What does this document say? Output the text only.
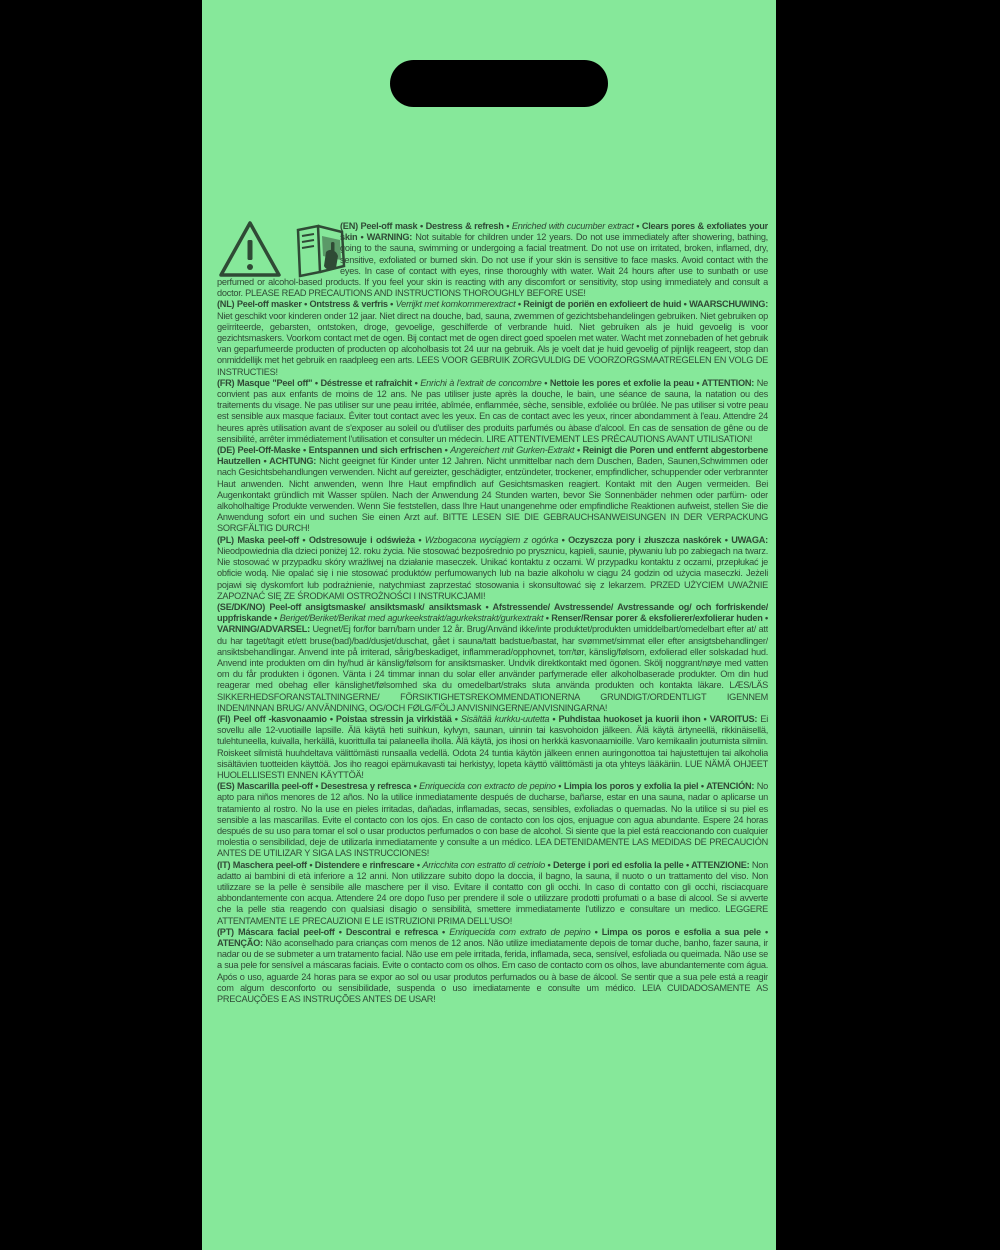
(EN) Peel-off mask • Destress & refresh • Enriched with cucumber extract • Clears pores & exfoliates your skin • WARNING: Not suitable for children under 12 years. Do not use immediately after showering, bathing, going to the sauna, swimming or undergoing a facial treatment. Do not use on irritated, broken, inflamed, dry, sensitive, exfoliated or burned skin. Do not use if your skin is sensitive to face masks. Avoid contact with the eyes. In case of contact with eyes, rinse thoroughly with water. Wait 24 hours after use to sunbath or use perfumed or alcohol-based products. If you feel your skin is reacting with any discomfort or sensitivity, stop using immediately and consult a doctor. PLEASE READ PRECAUTIONS AND INSTRUCTIONS THOROUGHLY BEFORE USE!

(NL) Peel-off masker • Ontstress & verfris • Verrijkt met komkommerextract • Reinigt de poriën en exfolieert de huid • WAARSCHUWING: Niet geschikt voor kinderen onder 12 jaar. Niet direct na douche, bad, sauna, zwemmen of gezichtsbehandelingen gebruiken. Niet gebruiken op geïrriteerde, gebarsten, ontstoken, droge, gevoelige, geschilferde of verbrande huid. Niet gebruiken als je huid gevoelig is voor gezichtsmaskers. Voorkom contact met de ogen. Bij contact met de ogen direct goed spoelen met water. Wacht met zonnebaden of het gebruik van geparfumeerde producten of producten op alcoholbasis tot 24 uur na gebruik. Als je voelt dat je huid gevoelig of pijnlijk reageert, stop dan onmiddellijk met het gebruik en raadpleeg een arts. LEES VOOR GEBRUIK ZORGVULDIG DE VOORZORGSMAATREGELEN EN VOLG DE INSTRUCTIES!

(FR) Masque "Peel off" • Déstresse et rafraîchit • Enrichi à l'extrait de concombre • Nettoie les pores et exfolie la peau • ATTENTION: Ne convient pas aux enfants de moins de 12 ans. Ne pas utiliser juste après la douche, le bain, une séance de sauna, la natation ou des traitements du visage. Ne pas utiliser sur une peau irritée, abîmée, enflammée, sèche, sensible, exfoliée ou brûlée. Ne pas utiliser si votre peau est sensible aux masque faciaux. Éviter tout contact avec les yeux. En cas de contact avec les yeux, rincer abondamment à l'eau. Attendre 24 heures après utilisation avant de s'exposer au soleil ou d'utiliser des produits parfumés ou àbase d'alcool. En cas de sensation de gêne ou de sensibilité, arrêter immédiatement l'utilisation et consulter un médecin. LIRE ATTENTIVEMENT LES PRÉCAUTIONS AVANT UTILISATION!

(DE) Peel-Off-Maske • Entspannen und sich erfrischen • Angereichert mit Gurken-Extrakt • Reinigt die Poren und entfernt abgestorbene Hautzellen • ACHTUNG: Nicht geeignet für Kinder unter 12 Jahren. Nicht unmittelbar nach dem Duschen, Baden, Saunen,Schwimmen oder nach Gesichtsbehandlungen verwenden. Nicht auf gereizter, geschädigter, entzündeter, trockener, empfindlicher, schuppender oder verbrannter Haut anwenden. Nicht anwenden, wenn Ihre Haut empfindlich auf Gesichtsmasken reagiert. Kontakt mit den Augen vermeiden. Bei Augenkontakt gründlich mit Wasser spülen. Nach der Anwendung 24 Stunden warten, bevor Sie Sonnenbäder nehmen oder parfüm- oder alkoholhaltige Produkte verwenden. Wenn Sie feststellen, dass Ihre Haut unangenehme oder empfindliche Reaktionen aufweist, stellen Sie die Anwendung sofort ein und suchen Sie einen Arzt auf. BITTE LESEN SIE DIE GEBRAUCHSANWEISUNGEN IN DER VERPACKUNG SORGFÄLTIG DURCH!

(PL) Maska peel-off • Odstresowuje i odświeża • Wzbogacona wyciągiem z ogórka • Oczyszcza pory i złuszcza naskórek • UWAGA: Nieodpowiednia dla dzieci poniżej 12. roku życia. Nie stosować bezpośrednio po prysznicu, kąpieli, saunie, pływaniu lub po zabiegach na twarz. Nie stosować w przypadku skóry wrażliwej na działanie maseczek. Unikać kontaktu z oczami. W przypadku kontaktu z oczami, przepłukać je obficie wodą. Nie opalać się i nie stosować produktów perfumowanych lub na bazie alkoholu w ciągu 24 godzin od użycia maseczki. Jeżeli pojawi się dyskomfort lub podrażnienie, natychmiast zaprzestać stosowania i skonsultować się z lekarzem. PRZED UŻYCIEM UWAŻNIE ZAPOZNAĆ SIĘ ZE ŚRODKAMI OSTROŻNOŚCI I INSTRUKCJAMI!

(SE/DK/NO) Peel-off ansigtsmaske/ ansiktsmask/ ansiktsmask • Afstressende/ Avstressende/ Avstressande og/ och forfriskende/ uppfriskande • Beriget/Beriket/Berikat med agurkeekstrakt/agurkekstrakt/gurkextrakt • Renser/Rensar porer & eksfolierer/exfolierar huden • VARNING/ADVARSEL: Uegnet/Ej for/for barn/barn under 12 år. Brug/Använd ikke/inte produktet/produkten umiddelbart/omedelbart efter at/ att du har taget/tagit et/ett bruse(bad)/bad/dusjet/duschat, gået i sauna/tatt badstue/bastat, har svømmet/simmat eller efter ansigtsbehandlinger/ ansiktsbehandlingar. Anvend inte på irriterad, sårig/beskadiget, inflammerad/opphovnet, torr/tør, känslig/følsom, exfolierad eller solskadad hud. Anvend inte produkten om din hy/hud är känslig/følsom for ansiktsmasker. Undvik direktkontakt med ögonen. Skölj noggrant/nøye med vatten om du får produkten i ögonen. Vänta i 24 timmar innan du solar eller använder parfymerade eller alkoholbaserade produkter. Om din hud reagerar med obehag eller känslighet/følsomhed ska du omedelbart/straks sluta använda produkten och kontakta läkare. LÆS/LÄS SIKKERHEDSFORANSTALTNINGERNE/ FÖRSIKTIGHETSREKOMMENDATIONERNA GRUNDIGT/ORDENTLIGT IGENNEM INDEN/INNAN BRUG/ ANVÄNDNING, OG/OCH FØLG/FÖLJ ANVISNINGERNE/ANVISNINGARNA!

(FI) Peel off -kasvonaamio • Poistaa stressin ja virkistää • Sisältää kurkku-uutetta • Puhdistaa huokoset ja kuorii ihon • VAROITUS: Ei sovellu alle 12-vuotiaille lapsille. Älä käytä heti suihkun, kylvyn, saunan, uinnin tai kasvohoidon jälkeen. Älä käytä ärtyneellä, rikkinäisellä, tulehtuneella, kuivalla, herkällä, kuorittulla tai palaneella iholla. Älä käytä, jos ihosi on herkkä kasvonaamioille. Varo kemikaalin joutumista silmiin. Roiskeet silmistä huuhdeltava välittömästi runsaalla vedellä. Odota 24 tuntia käytön jälkeen ennen auringonottoa tai hajustettujen tai alkoholia sisältävien tuotteiden käyttöä. Jos iho reagoi epämukavasti tai herkistyy, lopeta käyttö välittömästi ja ota yhteys lääkäriin. LUE NÄMÄ OHJEET HUOLELLISESTI ENNEN KÄYTTÖÄ!

(ES) Mascarilla peel-off • Desestresa y refresca • Enriquecida con extracto de pepino • Limpia los poros y exfolia la piel • ATENCIÓN: No apto para niños menores de 12 años. No la utilice inmediatamente después de ducharse, bañarse, estar en una sauna, nadar o aplicarse un tratamiento al rostro. No la use en pieles irritadas, dañadas, inflamadas, secas, sensibles, exfoliadas o quemadas. No la utilice si su piel es sensible a las mascarillas. Evite el contacto con los ojos. En caso de contacto con los ojos, enjuague con agua abundante. Espere 24 horas después de su uso para tomar el sol o usar productos perfumados o con base de alcohol. Si siente que la piel está reaccionando con cualquier molestia o sensibilidad, deje de utilizarla inmediatamente y consulte a un médico. LEA DETENIDAMENTE LAS MEDIDAS DE PRECAUCIÓN ANTES DE UTILIZAR Y SIGA LAS INSTRUCCIONES!

(IT) Maschera peel-off • Distendere e rinfrescare • Arricchita con estratto di cetriolo • Deterge i pori ed esfolia la pelle • ATTENZIONE: Non adatto ai bambini di età inferiore a 12 anni. Non utilizzare subito dopo la doccia, il bagno, la sauna, il nuoto o un trattamento del viso. Non utilizzare se la pelle è sensibile alle maschere per il viso. Evitare il contatto con gli occhi. In caso di contatto con gli occhi, risciacquare abbondantemente con acqua. Attendere 24 ore dopo l'uso per prendere il sole o utilizzare prodotti profumati o a base di alcool. Se si avverte che la pelle stia reagendo con qualsiasi disagio o sensibilità, smettere immediatamente l'utilizzo e consultare un medico. LEGGERE ATTENTAMENTE LE PRECAUZIONI E LE ISTRUZIONI PRIMA DELL'USO!

(PT) Máscara facial peel-off • Descontrai e refresca • Enriquecida com extrato de pepino • Limpa os poros e esfolia a sua pele • ATENÇÃO: Não aconselhado para crianças com menos de 12 anos. Não utilize imediatamente depois de tomar duche, banho, fazer sauna, ir nadar ou de se submeter a um tratamento facial. Não use em pele irritada, ferida, inflamada, seca, sensível, esfoliada ou queimada. Não use se a sua pele for sensível a máscaras faciais. Evite o contacto com os olhos. Em caso de contacto com os olhos, lave abundantemente com água. Após o uso, aguarde 24 horas para se expor ao sol ou usar produtos perfumados ou à base de álcool. Se sentir que a sua pele está a reagir com algum desconforto ou sensibilidade, suspenda o uso imediatamente e consulte um médico. LEIA CUIDADOSAMENTE AS PRECAUÇÕES E AS INSTRUÇÕES ANTES DE USAR!
